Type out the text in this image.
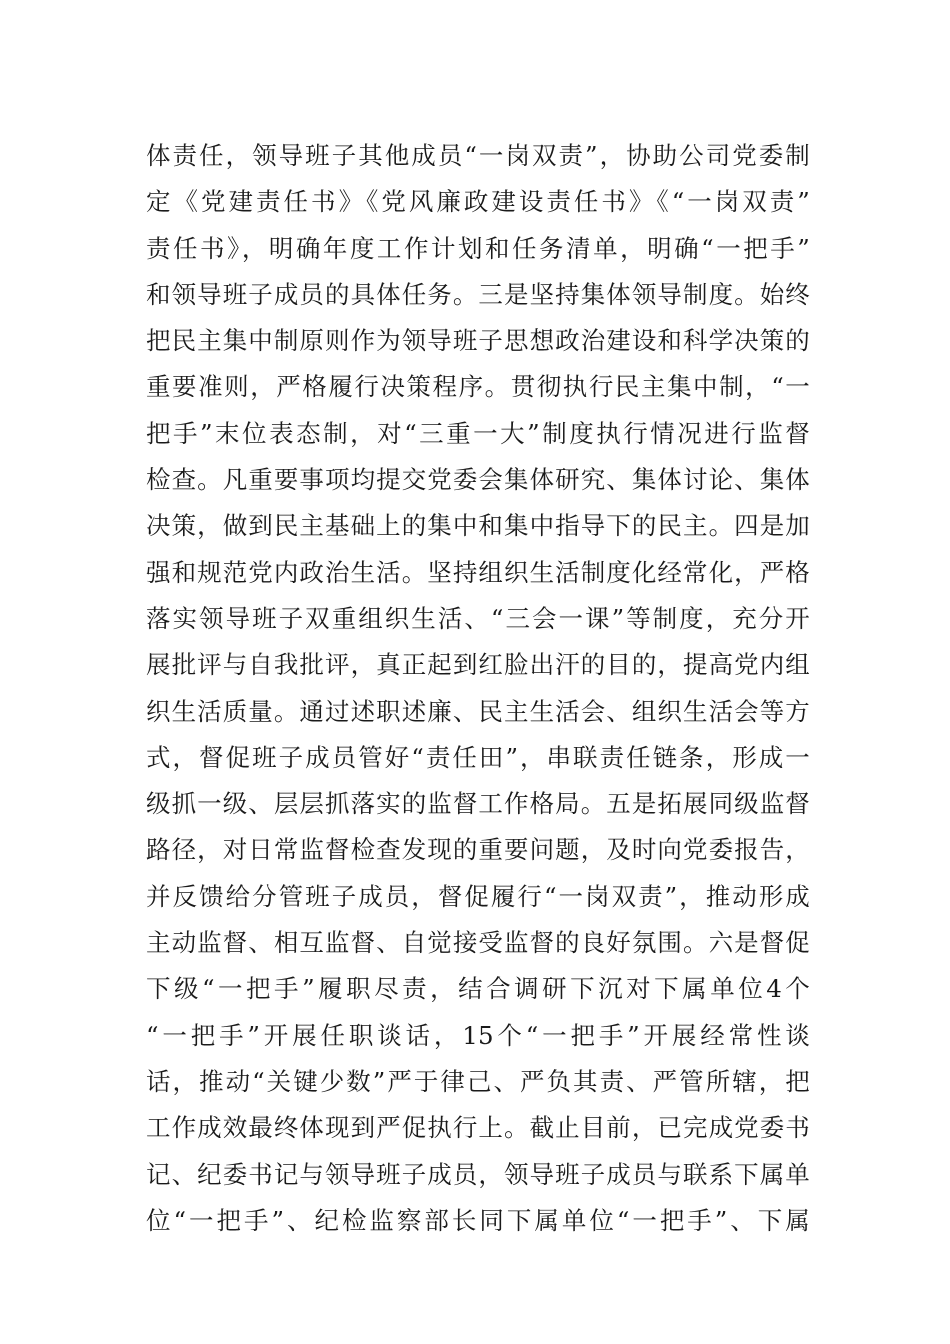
体责任，领导班子其他成员“一岗双责”，协助公司党委制
定《党建责任书》《党风廉政建设责任书》《“一岗双责”
责任书》，明确年度工作计划和任务清单，明确“一把手”
和领导班子成员的具体任务。三是坚持集体领导制度。始终
把民主集中制原则作为领导班子思想政治建设和科学决策的
重要准则，严格履行决策程序。贯彻执行民主集中制，“一
把手”末位表态制，对“三重一大”制度执行情况进行监督
检查。凡重要事项均提交党委会集体研究、集体讨论、集体
决策，做到民主基础上的集中和集中指导下的民主。四是加
强和规范党内政治生活。坚持组织生活制度化经常化，严格
落实领导班子双重组织生活、“三会一课”等制度，充分开
展批评与自我批评，真正起到红脸出汗的目的，提高党内组
织生活质量。通过述职述廉、民主生活会、组织生活会等方
式，督促班子成员管好“责任田”，串联责任链条，形成一
级抓一级、层层抓落实的监督工作格局。五是拓展同级监督
路径，对日常监督检查发现的重要问题，及时向党委报告，
并反馈给分管班子成员，督促履行“一岗双责”，推动形成
主动监督、相互监督、自觉接受监督的良好氛围。六是督促
下级“一把手”履职尽责，结合调研下沉对下属单位4个
“一把手”开展任职谈话，15个“一把手”开展经常性谈
话，推动“关键少数”严于律己、严负其责、严管所辖，把
工作成效最终体现到严促执行上。截止目前，已完成党委书
记、纪委书记与领导班子成员，领导班子成员与联系下属单
位“一把手”、纪检监察部长同下属单位“一把手”、下属
